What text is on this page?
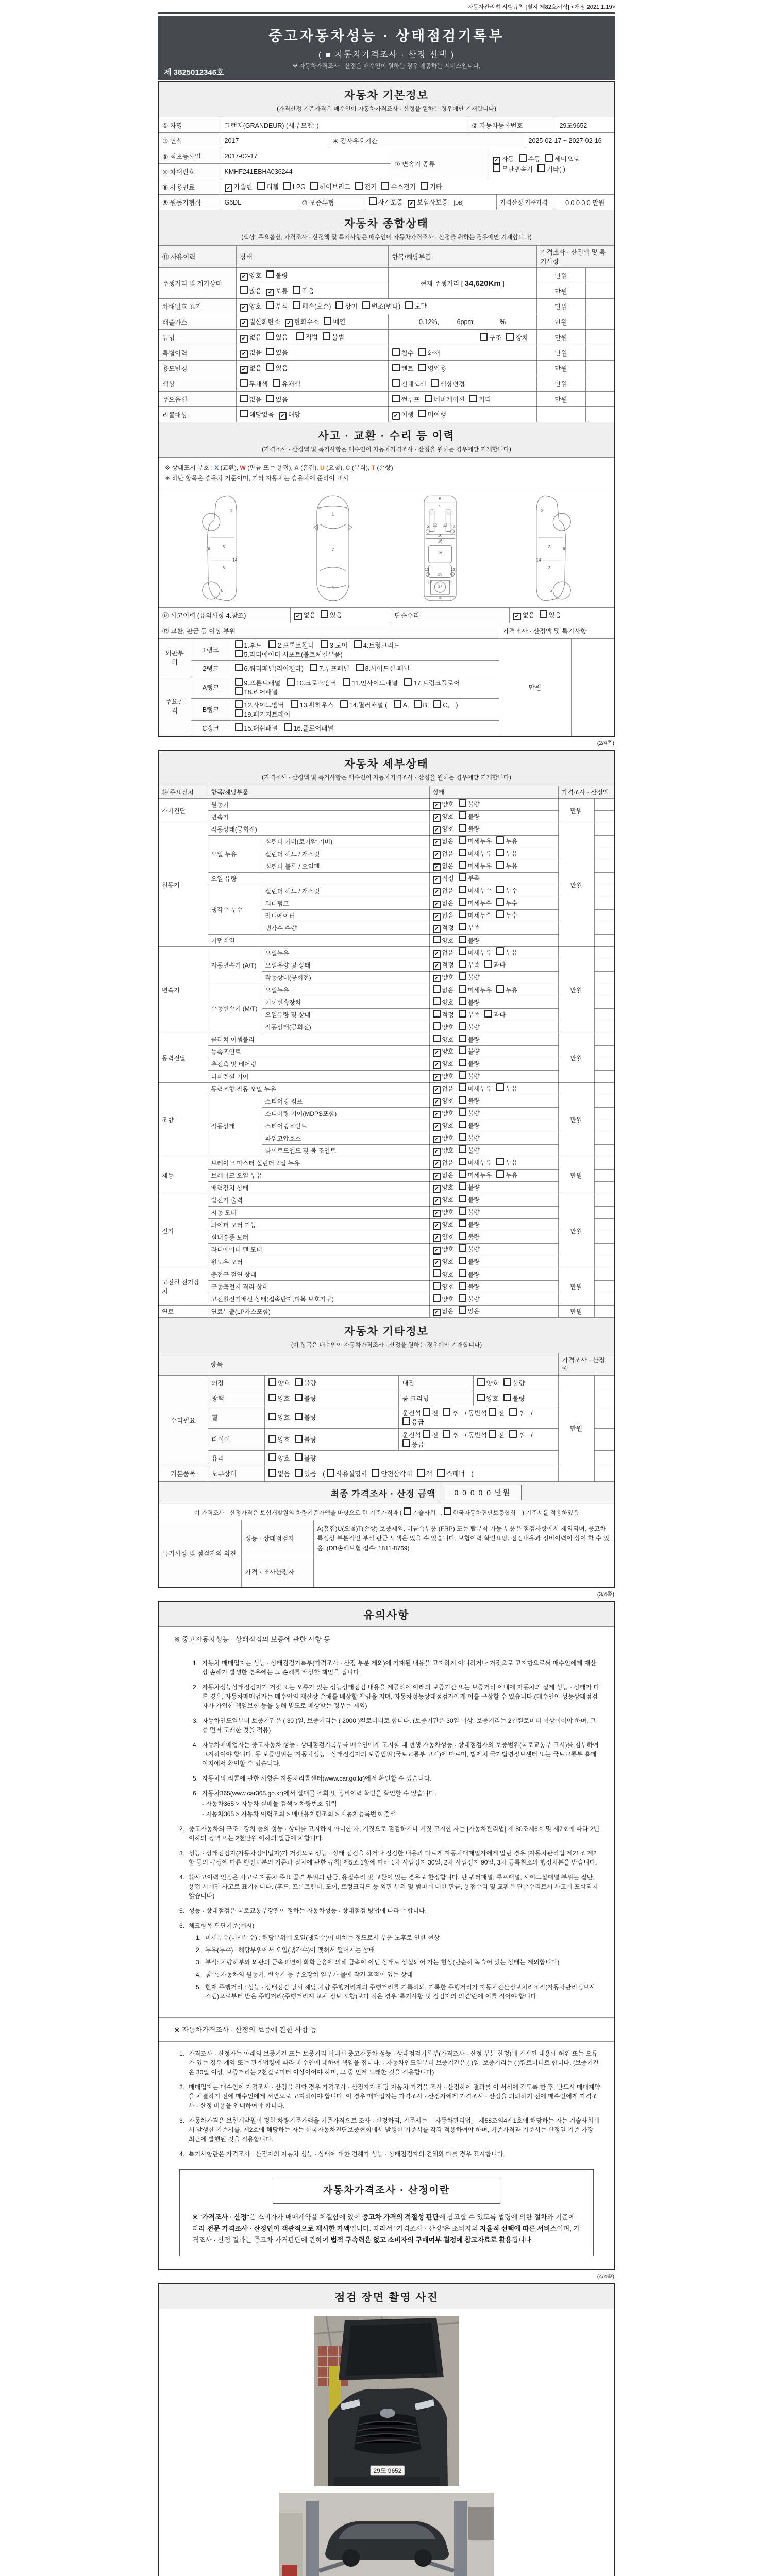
자동차관리법 시행규칙 [별지 제82호서식] <개정 2021.1.19>
중고자동차성능 · 상태점검기록부
( ■ 자동차가격조사 · 산정 선택 )
※ 자동차가격조사 · 산정은 매수인이 원하는 경우 제공하는 서비스입니다.
제 3825012346호
자동차 기본정보
(가격산정 기준가격은 매수인이 자동차가격조사 · 산정을 원하는 경우에만 기재합니다)
① 차명	그랜저(GRANDEUR) (세부모델: )	② 자동차등록번호	29도9652
③ 연식	2017	④ 검사유효기간	2025-02-17 ~ 2027-02-16
⑤ 최초등록일	2017-02-17	⑦ 변속기 종류	✔ 자동 수동 세미오토
무단변속기 기타( )
⑥ 차대번호	KMHF241EBHA036244		
⑧ 사용연료	✔ 가솔린 디젤 LPG 하이브리드 전기 수소전기 기타
⑨ 원동기형식	G6DL	⑩ 보증유형	자가보증 ✔ 보험사보증 [DB]	가격산정 기준가격	0 0 0 0 0 만원
자동차 종합상태
(색상, 주요옵션, 가격조사 · 산정액 및 특기사항은 매수인이 자동차가격조사 · 산정을 원하는 경우에만 기재합니다)
⑪ 사용이력	상태	항목/해당부품	가격조사 · 산정액 및 특기사항	
주행거리 및 계기상태	✔ 양호 불량	현재 주행거리 [ 34,620Km ]	만원	
	많음 ✔ 보통 적음		만원	
차대번호 표기	✔ 양호 부식 훼손(오손) 상이 변조(변타) 도말		만원	
배출가스	✔ 일산화탄소 ✔ 탄화수소 매연	0.12%,          6ppm,              %	만원	
튜닝	✔ 없음 있음 적법 불법	구조 장치	만원	
특별이력	✔ 없음 있음	침수 화재	만원	
용도변경	✔ 없음 있음	렌트 영업용	만원	
색상	무채색 유채색	전체도색 색상변경	만원	
주요옵션	없음 있음	썬루프 네비게이션 기타	만원	
리콜대상	해당없음 ✔ 해당	✔ 이행 미이행		
사고 · 교환 · 수리 등 이력
(가격조사 · 산정액 및 특기사항은 매수인이 자동차가격조사 · 산정을 원하는 경우에만 기재합니다)
※ 상태표시 부호 : X (교환), W (판금 또는 용접), A (흠집), U (요철), C (부식), T (손상)
※ 하단 항목은 승용차 기준이며, 기타 자동차는 승용차에 준하여 표시
2
8 3
3
14
6
1
7
4
5
9
11 11
13 12 12 13
10
15
16
19
13	13
12
17
12
18
2
8
3
3
14
6
⑫ 사고이력 (유의사항 4.참조)	✔ 없음 있음	단순수리	✔ 없음 있음
⑬ 교환, 판금 등 이상 부위	가격조사 · 산정액 및 특기사항
외판부위	1랭크	1.후드 2.프론트휀더 3.도어 4.트렁크리드 5.라디에이터 서포트(볼트체결부품)	만원	
	2랭크	6.쿼터패널(리어휀다) 7.루프패널 8.사이드실 패널		
주요골격	A랭크	9.프론트패널 10.크로스멤버 11.인사이드패널 17.트렁크플로어 18.리어패널		
	B랭크	12.사이드멤버 13.휠하우스 14.필러패널 ( A, B, C, ) 19.패키지트레이		
	C랭크	15.대쉬패널 16.플로어패널		
(2/4쪽)
자동차 세부상태
(가격조사 · 산정액 및 특기사항은 매수인이 자동차가격조사 · 산정을 원하는 경우에만 기재합니다)
⑭ 주요장치	항목/해당부품		상태	가격조사 · 산정액	
자기진단	원동기		✔ 양호 불량	만원	
	변속기		✔ 양호 불량		
원동기	작동상태(공회전)		✔ 양호 불량	만원	
	오일 누유	실린더 커버(로커암 커버)	✔ 없음 미세누유 누유		
		실린더 헤드 / 개스킷	✔ 없음 미세누유 누유		
		실린더 블록 / 오일팬	✔ 없음 미세누유 누유		
	오일 유량		✔ 적정 부족		
	냉각수 누수	실린더 헤드 / 개스킷	✔ 없음 미세누수 누수		
		워터펌프	✔ 없음 미세누수 누수		
		라디에이터	✔ 없음 미세누수 누수		
		냉각수 수량	✔ 적정 부족		
	커먼레일		양호 불량		
변속기	자동변속기 (A/T)	오일누유	✔ 없음 미세누유 누유	만원	
		오일유량 및 상태	✔ 적정 부족 과다		
		작동상태(공회전)	✔ 양호 불량		
	수동변속기 (M/T)	오일누유	없음 미세누유 누유		
		기어변속장치	양호 불량		
		오일유량 및 상태	적정 부족 과다		
		작동상태(공회전)	양호 불량		
동력전달	클러치 어셈블리		양호 불량	만원	
	등속조인트		✔ 양호 불량		
	추진축 및 베어링		✔ 양호 불량		
	디퍼렌셜 기어		✔ 양호 불량		
조향	동력조향 작동 오일 누유		✔ 없음 미세누유 누유	만원	
	작동상태	스티어링 펌프	✔ 양호 불량		
		스티어링 기어(MDPS포함)	✔ 양호 불량		
		스티어링조인트	✔ 양호 불량		
		파워고압호스	✔ 양호 불량		
		타이로드엔드 및 볼 조인트	✔ 양호 불량		
제동	브레이크 마스터 실린더오일 누유		✔ 없음 미세누유 누유	만원	
	브레이크 오일 누유		✔ 없음 미세누유 누유		
	배력장치 상태		✔ 양호 불량		
전기	발전기 출력		✔ 양호 불량	만원	
	시동 모터		✔ 양호 불량		
	와이퍼 모터 기능		✔ 양호 불량		
	실내송풍 모터		✔ 양호 불량		
	라디에이터 팬 모터		✔ 양호 불량		
	윈도우 모터		✔ 양호 불량		
고전원 전기장치	충전구 절연 상태		양호 불량	만원	
	구동축전지 격리 상태		양호 불량		
	고전원전기배선 상태(접속단자,피복,보호기구)		양호 불량		
연료	연료누출(LP가스포함)		✔ 없음 있음	만원	
자동차 기타정보
(이 항목은 매수인이 자동차가격조사 · 산정을 원하는 경우에만 기재합니다)
항목					가격조사 · 산정액	
수리필요	외장	양호 불량	내장	양호 불량	만원	
	광택	양호 불량	룸 크리닝	양호 불량		
	휠	양호 불량	운전석 전 후 / 동반석 전 후 / 응급			
	타이어	양호 불량	운전석 전 후 / 동반석 전 후 / 응급			
	유리	양호 불량				
기본품목	보유상태	없음 있음 ( 사용설명서 안전삼각대 잭 스패너 )				
최종 가격조사 · 산정 금액	0 0 0 0 0 만원
이 가격조사 · 산정가격은 보험개발원의 차량기준가액을 바탕으로 한 기준가격과 ( 기술사회 , 한국자동차진단보증협회 ) 기준서를 적용하였음
특기사항 및 점검자의 의견	성능 · 상태점검자	A(흠집)U(요철)T(손상) 보증제외, 비금속부품 (FRP) 또는 탈부착 가능 부품은 점검사항에서 제외되며, 중고차 특성상 부분적인 부식 판금 도색은 있을 수 있습니다. 보험이력 확인요망. 점검내용과 정비이력이 상이 할 수 있음. (DB손해보험 접수: 1811-8769)
	가격 · 조사산정자	
(3/4쪽)
유의사항
※ 중고자동차성능 · 상태점검의 보증에 관한 사항 등
1. 자동차 매매업자는 성능 · 상태점검기록부(가격조사 · 산정 부분 제외)에 기재된 내용을 고지하지 아니하거나 거짓으로 고지함으로써 매수인에게 재산상 손해가 발생한 경우에는 그 손해를 배상할 책임을 집니다.
2. 자동차성능상태점검자가 거짓 또는 오류가 있는 성능상태점검 내용을 제공하여 아래의 보증기간 또는 보증거리 이내에 자동차의 실제 성능 · 상태가 다른 경우, 자동차매매업자는 매수인의 재산상 손해를 배상할 책임을 지며, 자동차성능상태점검자에게 이를 구상할 수 있습니다.(매수인이 성능상태점검자가 가입한 책임보험 등을 통해 별도로 배상받는 경우는 제외)
3. 자동차인도일부터 보증기간은 ( 30 )일, 보증거리는 ( 2000 )킬로미터로 합니다. (보증기간은 30일 이상, 보증거리는 2천킬로미터 이상이어야 하며, 그 중 먼저 도래한 것을 적용)
4. 자동차매매업자는 중고자동차 성능 · 상태점검기록부를 매수인에게 고지할 때 현행 자동차성능 · 상태점검자의 보증범위(국토교통부 고시)를 첨부하여 고지하여야 합니다. 동 보증범위는 '자동차성능 · 상태점검자의 보증범위'(국토교통부 고시)에 따르며, 법제처 국가법령정보센터 또는 국토교통부 홈페이지에서 확인할 수 있습니다.
5. 자동차의 리콜에 관한 사항은 자동차리콜센터(www.car.go.kr)에서 확인할 수 있습니다.
6. 자동차365(www.car365.go.kr)에서 실매물 조회 및 정비이력 확인을 확인할 수 있습니다.
- 자동차365 > 자동차 실매물 검색 > 차량번호 입력
- 자동차365 > 자동차 이력조회 > 매매용차량조회 > 자동차등록번호 검색
2. 중고자동차의 구조 · 장치 등의 성능 · 상태를 고지하지 아니한 자, 거짓으로 점검하거나 거짓 고지한 자는 [자동차관리법] 제 80조제6호 및 제7호에 따라 2년 이하의 징역 또는 2천만원 이하의 벌금에 처합니다.
3. 성능 · 상태점검자(자동차정비업자)가 거짓으로 성능 · 상태 점검을 하거나 점검한 내용과 다르게 자동차매매업자에게 알린 경우 [자동차관리법 제21조 제2항 등의 규정에 따른 행정처분의 기준과 절차에 관한 규칙] 제5조 1항에 따라 1차 사업정지 30일, 2차 사업정지 90일, 3차 등록취소의 행정처분을 받습니다.
4. ⑫사고이력 인정은 사고로 자동차 주요 골격 부위의 판금, 용접수리 및 교환이 있는 경우로 한정합니다. 단 쿼터패널, 루프패널, 사이드실패널 부위는 절단, 용접 시에만 사고로 표기합니다. (후드, 프론트펜더, 도어, 트렁크리드 등 외판 부위 및 범퍼에 대한 판금, 용접수리 및 교환은 단순수리로서 사고에 포함되지 않습니다)
5. 성능 · 상태점검은 국토교통부장관이 정하는 자동차성능 · 상태점검 방법에 따라야 합니다.
6. 체크항목 판단기준(예시)
1. 미세누유(미세누수) : 해당부위에 오일(냉각수)이 비치는 정도로서 부품 노후로 인한 현상
2. 누유(누수) : 해당부위에서 오일(냉각수)이 맺혀서 떨어지는 상태
3. 부식: 차량하부와 외판의 금속표면이 화학반응에 의해 금속이 아닌 상태로 상실되어 가는 현상(단순히 녹슬어 있는 상태는 제외합니다)
4. 침수: 자동차의 원동기, 변속기 등 주요장치 일부가 물에 잠긴 흔적이 있는 상태
5. 현재 주행거리 : 성능 · 상태점검 당시 해당 차량 주행거리계의 주행거리를 기록하되, 기록한 주행거리가 자동차전산정보처리조직(자동차관리정보시스템)으로부터 받은 주행거리(주행거리계 교체 정보 포함)보다 적은 경우 '특기사항 및 점검자의 의견'란에 이를 적어야 합니다.
※ 자동차가격조사 · 산정의 보증에 관한 사항 등
1. 가격조사 · 산정자는 아래의 보증기간 또는 보증거리 이내에 중고자동차 성능 · 상태점검기록부(가격조사 · 산정 부분 한정)에 기재된 내용에 허위 또는 오류가 있는 경우 계약 또는 관계법령에 따라 매수인에 대하여 책임을 집니다. · 자동차인도일부터 보증기간은 ( )일, 보증거리는 ( )킬로미터로 합니다. (보증기간은 30일 이상, 보증거리는 2천킬로미터 이상이어야 하며, 그 중 먼저 도래한 것을 적용합니다)
2. 매매업자는 매수인이 가격조사 · 산정을 원할 경우 가격조사 · 산정자가 해당 자동차 가격을 조사 · 산정하여 결과를 이 서식에 적도록 한 후, 반드시 매매계약을 체결하기 전에 매수인에게 서면으로 고지하여야 합니다. 이 경우 매매업자는 가격조사 · 산정자에게 가격조사 · 산정을 의뢰하기 전에 매수인에게 가격조사 · 산정 비용을 안내하여야 합니다.
3. 자동차가격은 보험개발원이 정한 차량기준가액을 기준가격으로 조사 · 산정하되, 기준서는 「자동차관리법」 제58조의4제1호에 해당하는 자는 기술사회에서 발행한 기준서를, 제2호에 해당하는 자는 한국자동차진단보증협회에서 발행한 기준서를 각각 적용하여야 하며, 기준가격과 기준서는 산정일 기준 가장 최근에 발행된 것을 적용합니다.
4. 특기사항란은 가격조사 · 산정자의 자동차 성능 · 상태에 대한 견해가 성능 · 상태점검자의 견해와 다를 경우 표시합니다.
자동차가격조사 · 산정이란
※ "가격조사 · 산정"은 소비자가 매매계약을 체결함에 있어 중고차 가격의 적절성 판단에 참고할 수 있도록 법령에 의한 절차와 기준에 따라 전문 가격조사 · 산정인이 객관적으로 제시한 가액입니다. 따라서 "가격조사 · 산정"은 소비자의 자율적 선택에 따른 서비스이며, 가격조사 · 산정 결과는 중고차 가격판단에 관하여 법적 구속력은 없고 소비자의 구매여부 결정에 참고자료로 활용됩니다.
(4/4쪽)
점검 장면 촬영 사진
29도 9652
